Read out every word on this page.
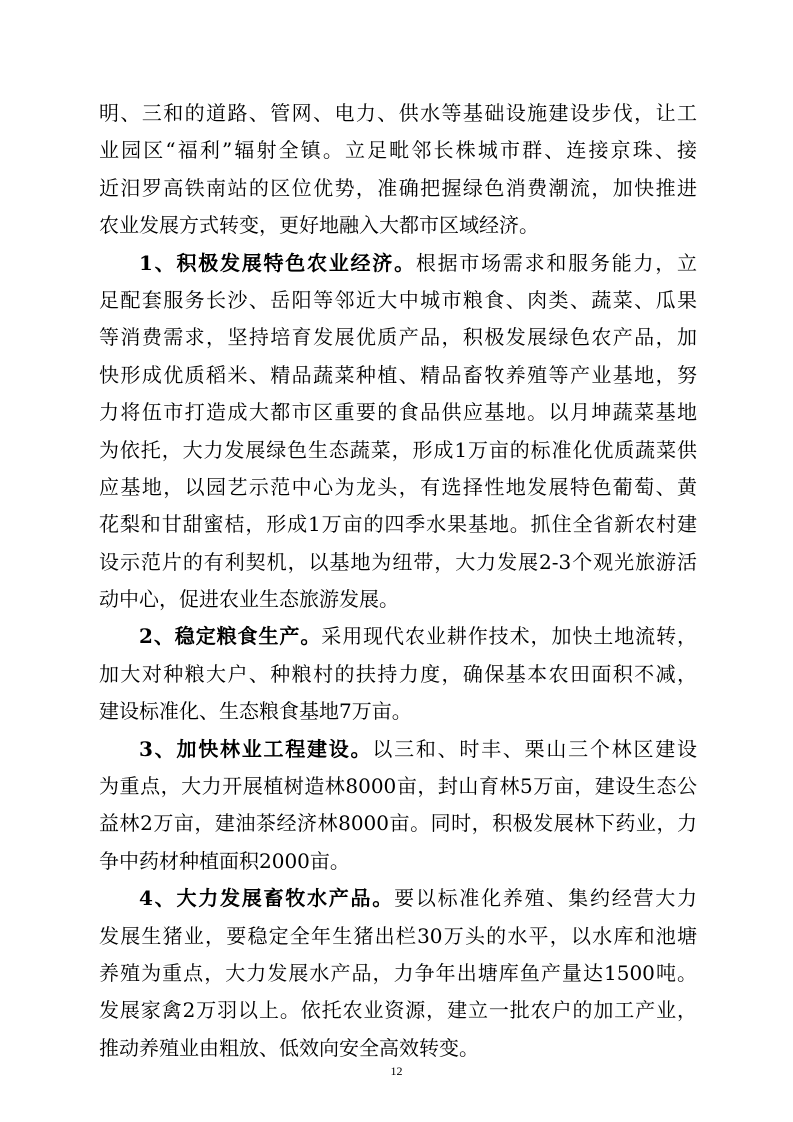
明、三和的道路、管网、电力、供水等基础设施建设步伐，让工
业园区“福利”辐射全镇。立足毗邻长株城市群、连接京珠、接
近汨罗高铁南站的区位优势，准确把握绿色消费潮流，加快推进
农业发展方式转变，更好地融入大都市区域经济。
1、积极发展特色农业经济。根据市场需求和服务能力，立
足配套服务长沙、岳阳等邻近大中城市粮食、肉类、蔬菜、瓜果
等消费需求，坚持培育发展优质产品，积极发展绿色农产品，加
快形成优质稻米、精品蔬菜种植、精品畜牧养殖等产业基地，努
力将伍市打造成大都市区重要的食品供应基地。以月坤蔬菜基地
为依托，大力发展绿色生态蔬菜，形成1万亩的标准化优质蔬菜供
应基地，以园艺示范中心为龙头，有选择性地发展特色葡萄、黄
花梨和甘甜蜜桔，形成1万亩的四季水果基地。抓住全省新农村建
设示范片的有利契机，以基地为纽带，大力发展2-3个观光旅游活
动中心，促进农业生态旅游发展。
2、稳定粮食生产。采用现代农业耕作技术，加快土地流转，
加大对种粮大户、种粮村的扶持力度，确保基本农田面积不减，
建设标准化、生态粮食基地7万亩。
3、加快林业工程建设。以三和、时丰、栗山三个林区建设
为重点，大力开展植树造林8000亩，封山育林5万亩，建设生态公
益林2万亩，建油茶经济林8000亩。同时，积极发展林下药业，力
争中药材种植面积2000亩。
4、大力发展畜牧水产品。要以标准化养殖、集约经营大力
发展生猪业，要稳定全年生猪出栏30万头的水平，以水库和池塘
养殖为重点，大力发展水产品，力争年出塘库鱼产量达1500吨。
发展家禽2万羽以上。依托农业资源，建立一批农户的加工产业，
推动养殖业由粗放、低效向安全高效转变。
12
